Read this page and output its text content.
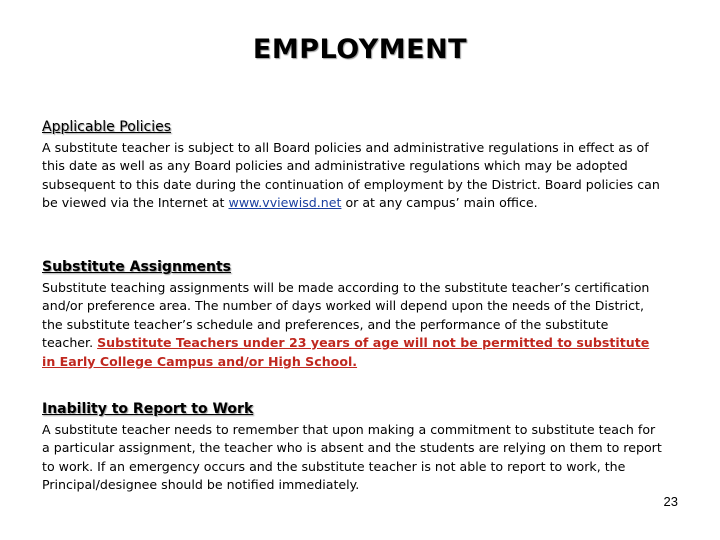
EMPLOYMENT
Applicable Policies

A substitute teacher is subject to all Board policies and administrative regulations in effect as of this date as well as any Board policies and administrative regulations which may be adopted subsequent to this date during the continuation of employment by the District. Board policies can be viewed via the Internet at www.vviewisd.net or at any campus’ main office.

Substitute Assignments

Substitute teaching assignments will be made according to the substitute teacher’s certification and/or preference area. The number of days worked will depend upon the needs of the District, the substitute teacher’s schedule and preferences, and the performance of the substitute teacher. Substitute Teachers under 23 years of age will not be permitted to substitute in Early College Campus and/or High School.

Inability to Report to Work

A substitute teacher needs to remember that upon making a commitment to substitute teach for a particular assignment, the teacher who is absent and the students are relying on them to report to work. If an emergency occurs and the substitute teacher is not able to report to work, the Principal/designee should be notified immediately.

23
